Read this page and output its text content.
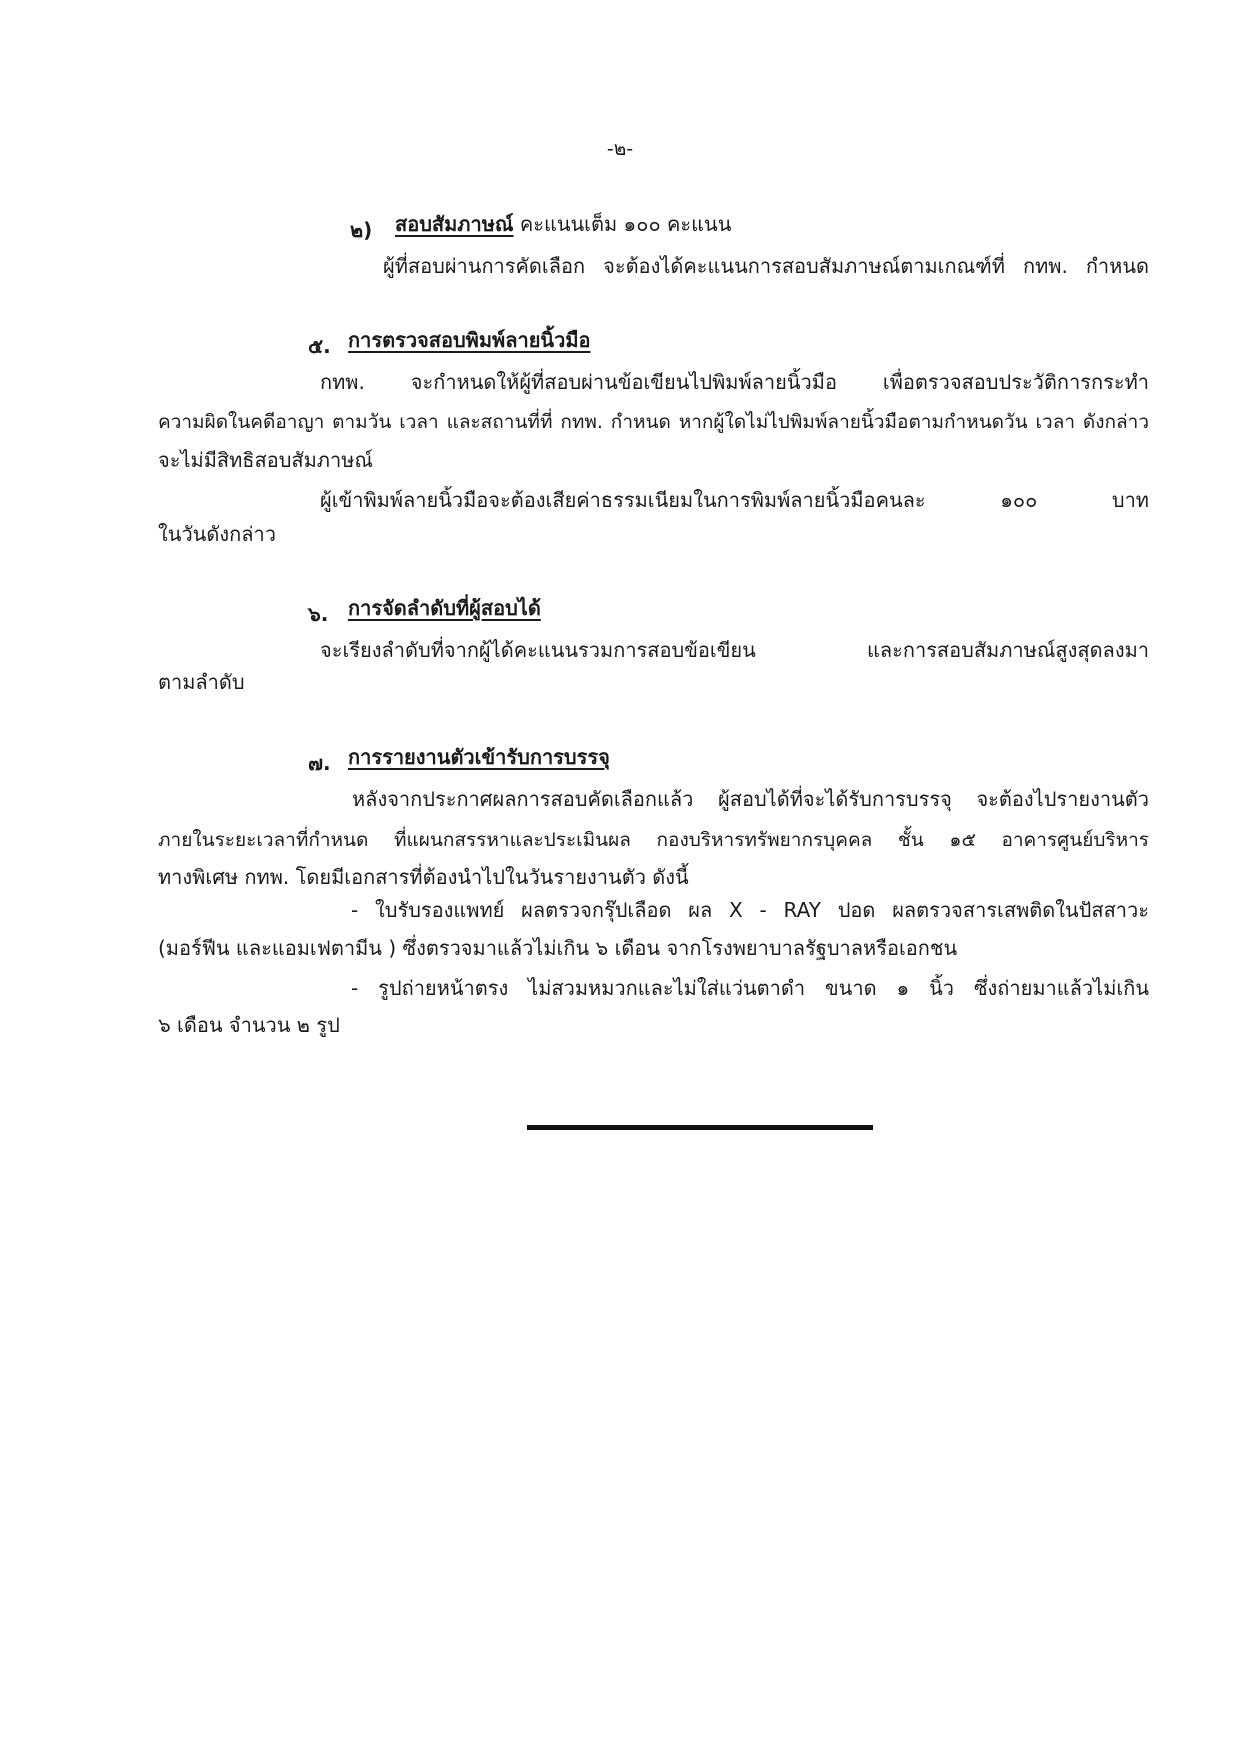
-๒-
๒) สอบสัมภาษณ์ คะแนนเต็ม ๑๐๐ คะแนน
ผู้ที่สอบผ่านการคัดเลือก จะต้องได้คะแนนการสอบสัมภาษณ์ตามเกณฑ์ที่ กทพ. กำหนด
๕. การตรวจสอบพิมพ์ลายนิ้วมือ
กทพ. จะกำหนดให้ผู้ที่สอบผ่านข้อเขียนไปพิมพ์ลายนิ้วมือ เพื่อตรวจสอบประวัติการกระทำ
ความผิดในคดีอาญา ตามวัน เวลา และสถานที่ที่ กทพ. กำหนด หากผู้ใดไม่ไปพิมพ์ลายนิ้วมือตามกำหนดวัน เวลา ดังกล่าว
จะไม่มีสิทธิสอบสัมภาษณ์
ผู้เข้าพิมพ์ลายนิ้วมือจะต้องเสียค่าธรรมเนียมในการพิมพ์ลายนิ้วมือคนละ ๑๐๐ บาท
ในวันดังกล่าว
๖. การจัดลำดับที่ผู้สอบได้
จะเรียงลำดับที่จากผู้ได้คะแนนรวมการสอบข้อเขียน และการสอบสัมภาษณ์สูงสุดลงมา
ตามลำดับ
๗. การรายงานตัวเข้ารับการบรรจุ
หลังจากประกาศผลการสอบคัดเลือกแล้ว ผู้สอบได้ที่จะได้รับการบรรจุ จะต้องไปรายงานตัว
ภายในระยะเวลาที่กำหนด ที่แผนกสรรหาและประเมินผล กองบริหารทรัพยากรบุคคล ชั้น ๑๕ อาคารศูนย์บริหาร
ทางพิเศษ กทพ. โดยมีเอกสารที่ต้องนำไปในวันรายงานตัว ดังนี้
- ใบรับรองแพทย์ ผลตรวจกรุ๊ปเลือด ผล X - RAY ปอด ผลตรวจสารเสพติดในปัสสาวะ
(มอร์ฟีน และแอมเฟตามีน ) ซึ่งตรวจมาแล้วไม่เกิน ๖ เดือน จากโรงพยาบาลรัฐบาลหรือเอกชน
- รูปถ่ายหน้าตรง ไม่สวมหมวกและไม่ใส่แว่นตาดำ ขนาด ๑ นิ้ว ซึ่งถ่ายมาแล้วไม่เกิน
๖ เดือน จำนวน ๒ รูป
